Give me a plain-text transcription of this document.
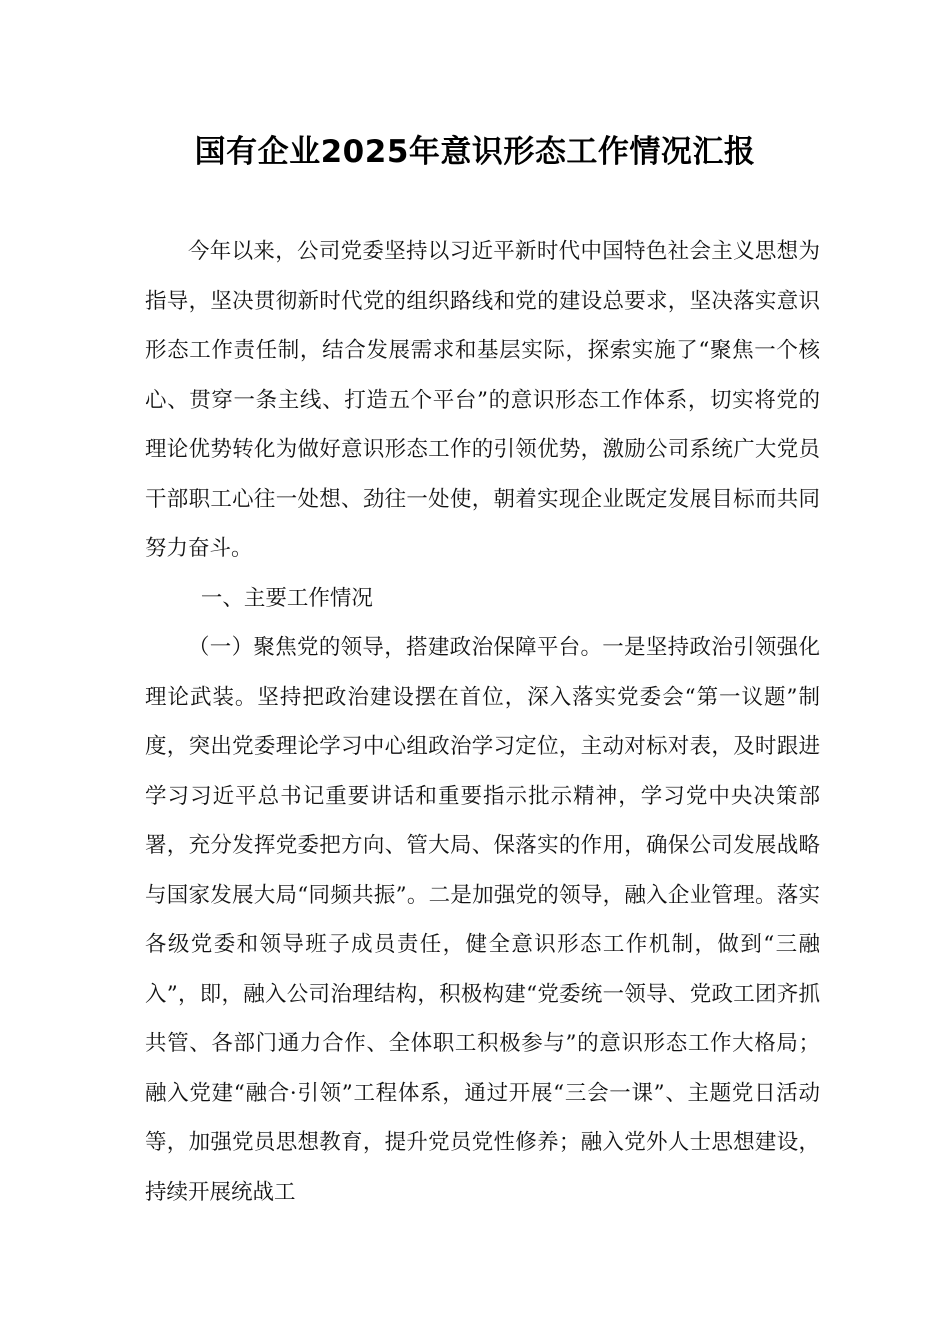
国有企业2025年意识形态工作情况汇报

今年以来，公司党委坚持以习近平新时代中国特色社会主义思想为指导，坚决贯彻新时代党的组织路线和党的建设总要求，坚决落实意识形态工作责任制，结合发展需求和基层实际，探索实施了“聚焦一个核心、贯穿一条主线、打造五个平台”的意识形态工作体系，切实将党的理论优势转化为做好意识形态工作的引领优势，激励公司系统广大党员干部职工心往一处想、劲往一处使，朝着实现企业既定发展目标而共同努力奋斗。

一、主要工作情况

（一）聚焦党的领导，搭建政治保障平台。一是坚持政治引领强化理论武装。坚持把政治建设摆在首位，深入落实党委会“第一议题”制度，突出党委理论学习中心组政治学习定位，主动对标对表，及时跟进学习习近平总书记重要讲话和重要指示批示精神，学习党中央决策部署，充分发挥党委把方向、管大局、保落实的作用，确保公司发展战略与国家发展大局“同频共振”。二是加强党的领导，融入企业管理。落实各级党委和领导班子成员责任，健全意识形态工作机制，做到“三融入”，即，融入公司治理结构，积极构建“党委统一领导、党政工团齐抓共管、各部门通力合作、全体职工积极参与”的意识形态工作大格局；融入党建“融合·引领”工程体系，通过开展“三会一课”、主题党日活动等，加强党员思想教育，提升党员党性修养；融入党外人士思想建设，持续开展统战工
